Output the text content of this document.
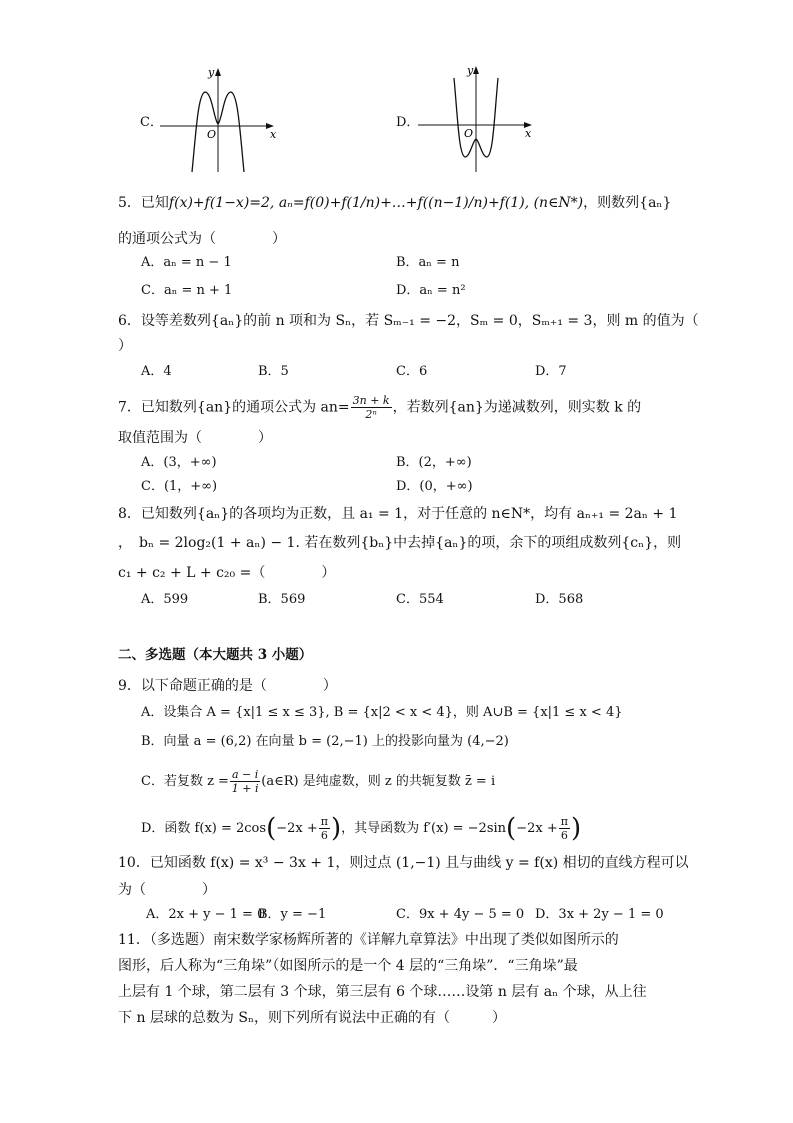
C．
y
x
O
D．
y
x
O
5．已知f(x)+f(1−x)=2, aₙ=f(0)+f(1/n)+…+f((n−1)/n)+f(1), (n∈N*)，则数列{aₙ}
的通项公式为（　　　　）
A．aₙ = n − 1	B．aₙ = n
C．aₙ = n + 1	D．aₙ = n²
6．设等差数列{aₙ}的前 n 项和为 Sₙ，若 Sₘ₋₁ = −2，Sₘ = 0，Sₘ₊₁ = 3，则 m 的值为（
）
A．4	B．5	C．6	D．7
7．已知数列{an}的通项公式为 $an= \frac{3n + k}{\text{2ⁿ}}$ ，若数列{an}为递减数列，则实数 k 的
取值范围为（　　　　）
A．(3，+∞)	B．(2，+∞)
C．(1，+∞)	D．(0，+∞)
8．已知数列{aₙ}的各项均为正数，且 a₁ = 1，对于任意的 n∈N*，均有 aₙ₊₁ = 2aₙ + 1
，　bₙ = 2log₂(1 + aₙ) − 1. 若在数列{bₙ}中去掉{aₙ}的项，余下的项组成数列{cₙ}，则
c₁ + c₂ + L + c₂₀ =（　　　　）
A．599	B．569	C．554	D．568
二、多选题（本大题共 3 小题）
9．以下命题正确的是（　　　　）
A．设集合 A = {x|1 ≤ x ≤ 3}, B = {x|2 < x < 4}，则 A∪B = {x|1 ≤ x < 4}
B．向量 a = (6,2) 在向量 b = (2,−1) 上的投影向量为 (4,−2)
C．若复数 $z = \frac{a - i}{1 + i}$ (a∈R) 是纯虚数，则 z 的共轭复数 z̄ = i
D．函数 $f(x) = 2\cos(-2x + \frac{\pi}{6}$ )，其导函数为 $f'(x) = -2\sin(-2x + \frac{\pi}{6}$ )
10．已知函数 f(x) = x³ − 3x + 1，则过点 (1,−1) 且与曲线 y = f(x) 相切的直线方程可以
为（　　　　）
A．2x + y − 1 = 0
B．y = −1	C．9x + 4y − 5 = 0 D．3x + 2y − 1 = 0
11．（多选题）南宋数学家杨辉所著的《详解九章算法》中出现了类似如图所示的
图形，后人称为“三角垛”（如图所示的是一个 4 层的“三角垛”．“三角垛”最
上层有 1 个球，第二层有 3 个球，第三层有 6 个球……设第 n 层有 aₙ 个球，从上往
下 n 层球的总数为 Sₙ，则下列所有说法中正确的有（　　　）
